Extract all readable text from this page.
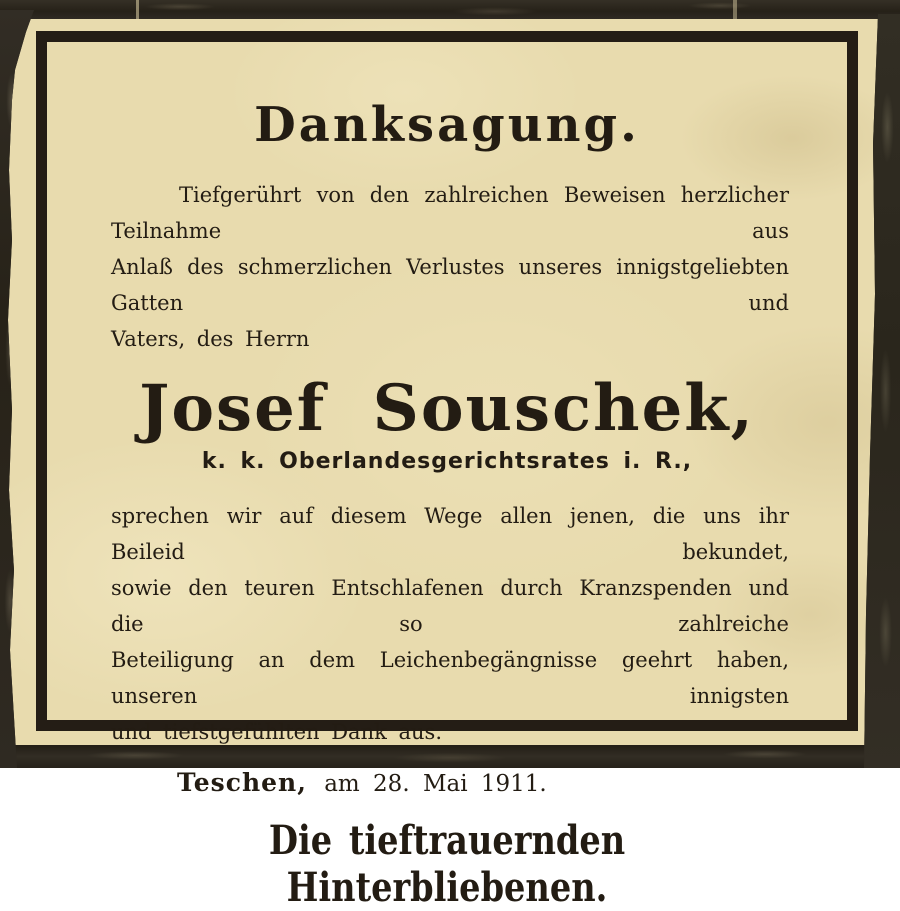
Danksagung.
Tiefgerührt von den zahlreichen Beweisen herzlicher Teilnahme aus
Anlaß des schmerzlichen Verlustes unseres innigstgeliebten Gatten und
Vaters, des Herrn
Josef Souschek,
k. k. Oberlandesgerichtsrates i. R.,
sprechen wir auf diesem Wege allen jenen, die uns ihr Beileid bekundet,
sowie den teuren Entschlafenen durch Kranzspenden und die so zahlreiche
Beteiligung an dem Leichenbegängnisse geehrt haben, unseren innigsten
und tiefstgefühlten Dank aus.
Teschen, am 28. Mai 1911.
Die tieftrauernden Hinterbliebenen.
